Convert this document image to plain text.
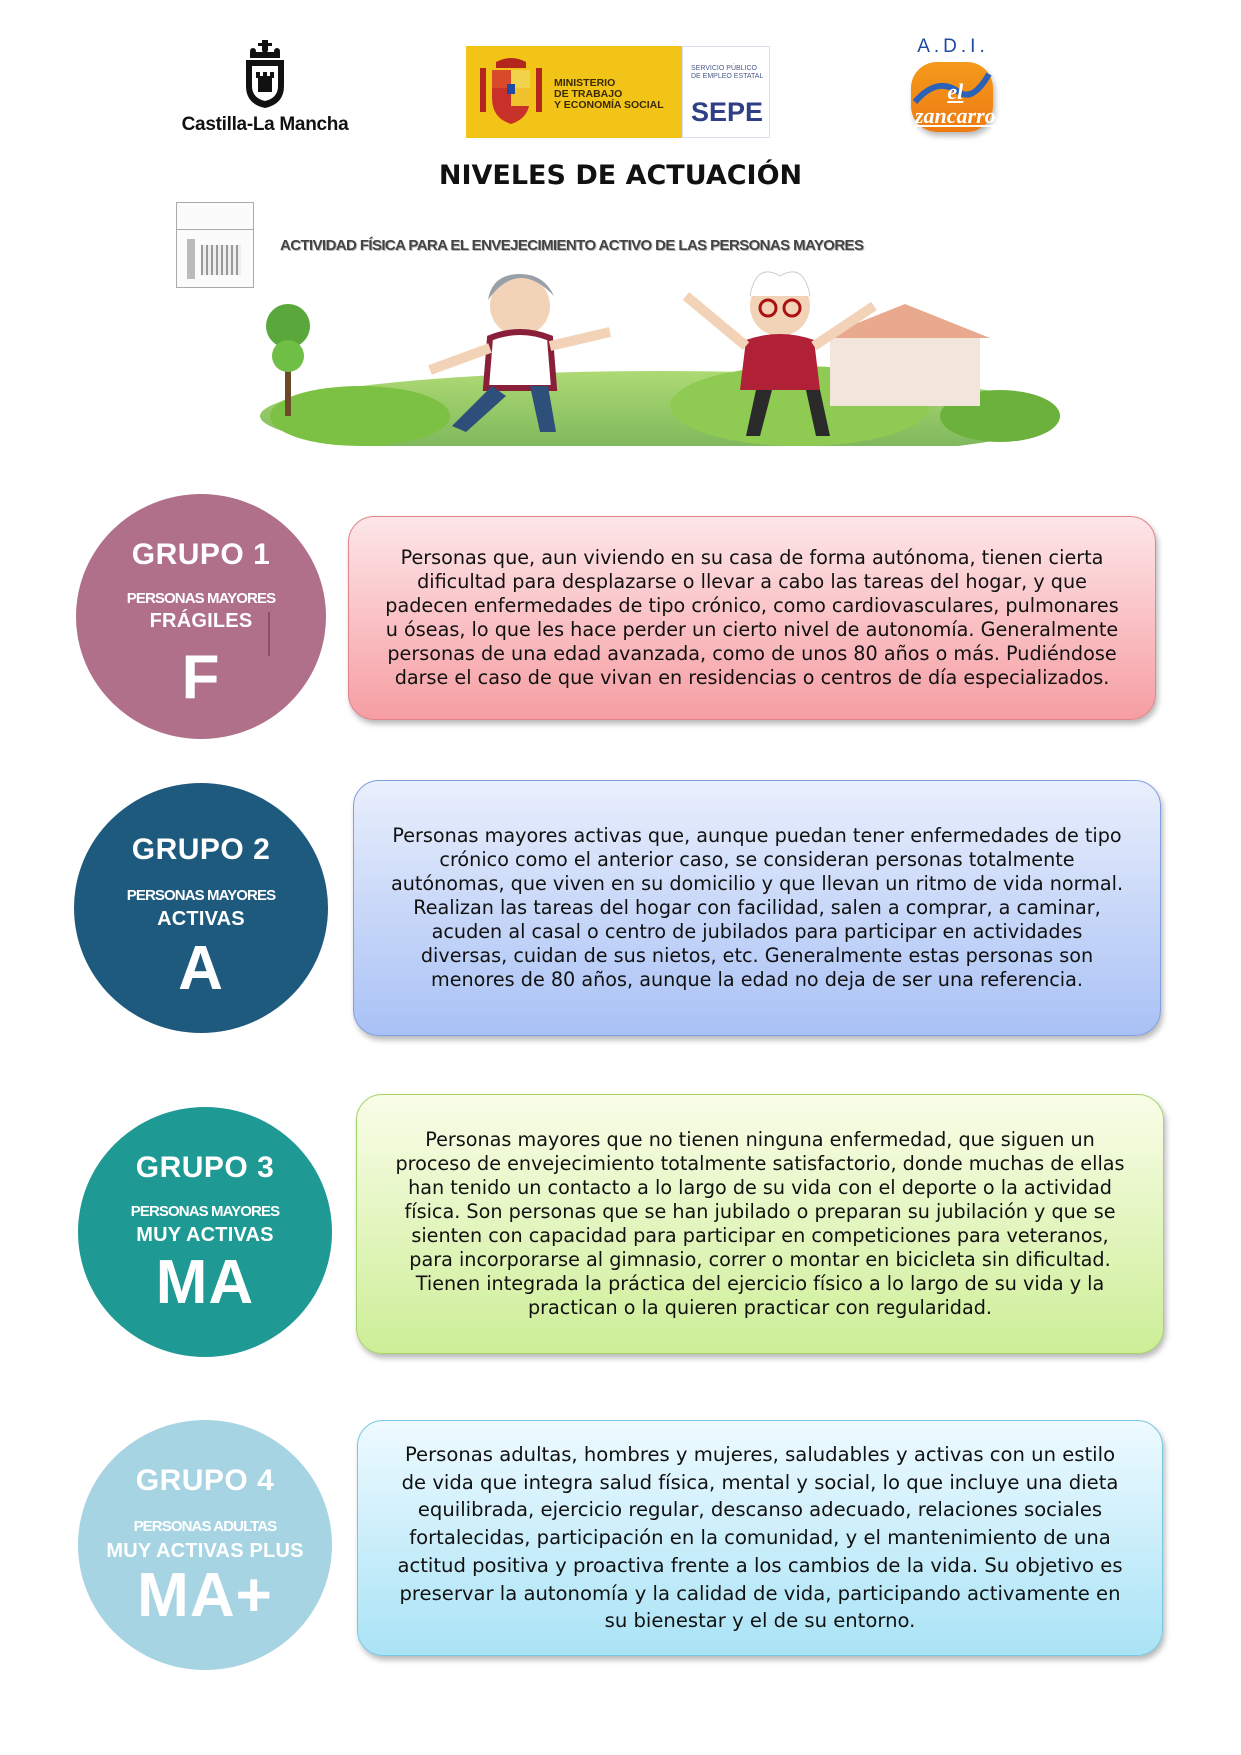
Castilla-La Mancha
MINISTERIO
DE TRABAJO
Y ECONOMÍA SOCIAL
SERVICIO PÚBLICO
DE EMPLEO ESTATAL
SEPE
A.D.I.
el zancarro
NIVELES DE ACTUACIÓN
ACTIVIDAD FÍSICA PARA EL ENVEJECIMIENTO ACTIVO DE LAS PERSONAS MAYORES
GRUPO 1
PERSONAS MAYORES
FRÁGILES
F
Personas que, aun viviendo en su casa de forma autónoma, tienen cierta dificultad para desplazarse o llevar a cabo las tareas del hogar, y que padecen enfermedades de tipo crónico, como cardiovasculares, pulmonares u óseas, lo que les hace perder un cierto nivel de autonomía. Generalmente personas de una edad avanzada, como de unos 80 años o más. Pudiéndose darse el caso de que vivan en residencias o centros de día especializados.
GRUPO 2
PERSONAS MAYORES
ACTIVAS
A
Personas mayores activas que, aunque puedan tener enfermedades de tipo crónico como el anterior caso, se consideran personas totalmente autónomas, que viven en su domicilio y que llevan un ritmo de vida normal. Realizan las tareas del hogar con facilidad, salen a comprar, a caminar, acuden al casal o centro de jubilados para participar en actividades diversas, cuidan de sus nietos, etc. Generalmente estas personas son menores de 80 años, aunque la edad no deja de ser una referencia.
GRUPO 3
PERSONAS MAYORES
MUY ACTIVAS
MA
Personas mayores que no tienen ninguna enfermedad, que siguen un proceso de envejecimiento totalmente satisfactorio, donde muchas de ellas han tenido un contacto a lo largo de su vida con el deporte o la actividad física. Son personas que se han jubilado o preparan su jubilación y que se sienten con capacidad para participar en competiciones para veteranos, para incorporarse al gimnasio, correr o montar en bicicleta sin dificultad. Tienen integrada la práctica del ejercicio físico a lo largo de su vida y la practican o la quieren practicar con regularidad.
GRUPO 4
PERSONAS ADULTAS
MUY ACTIVAS PLUS
MA+
Personas adultas, hombres y mujeres, saludables y activas con un estilo de vida que integra salud física, mental y social, lo que incluye una dieta equilibrada, ejercicio regular, descanso adecuado, relaciones sociales fortalecidas, participación en la comunidad, y el mantenimiento de una actitud positiva y proactiva frente a los cambios de la vida. Su objetivo es preservar la autonomía y la calidad de vida, participando activamente en su bienestar y el de su entorno.
